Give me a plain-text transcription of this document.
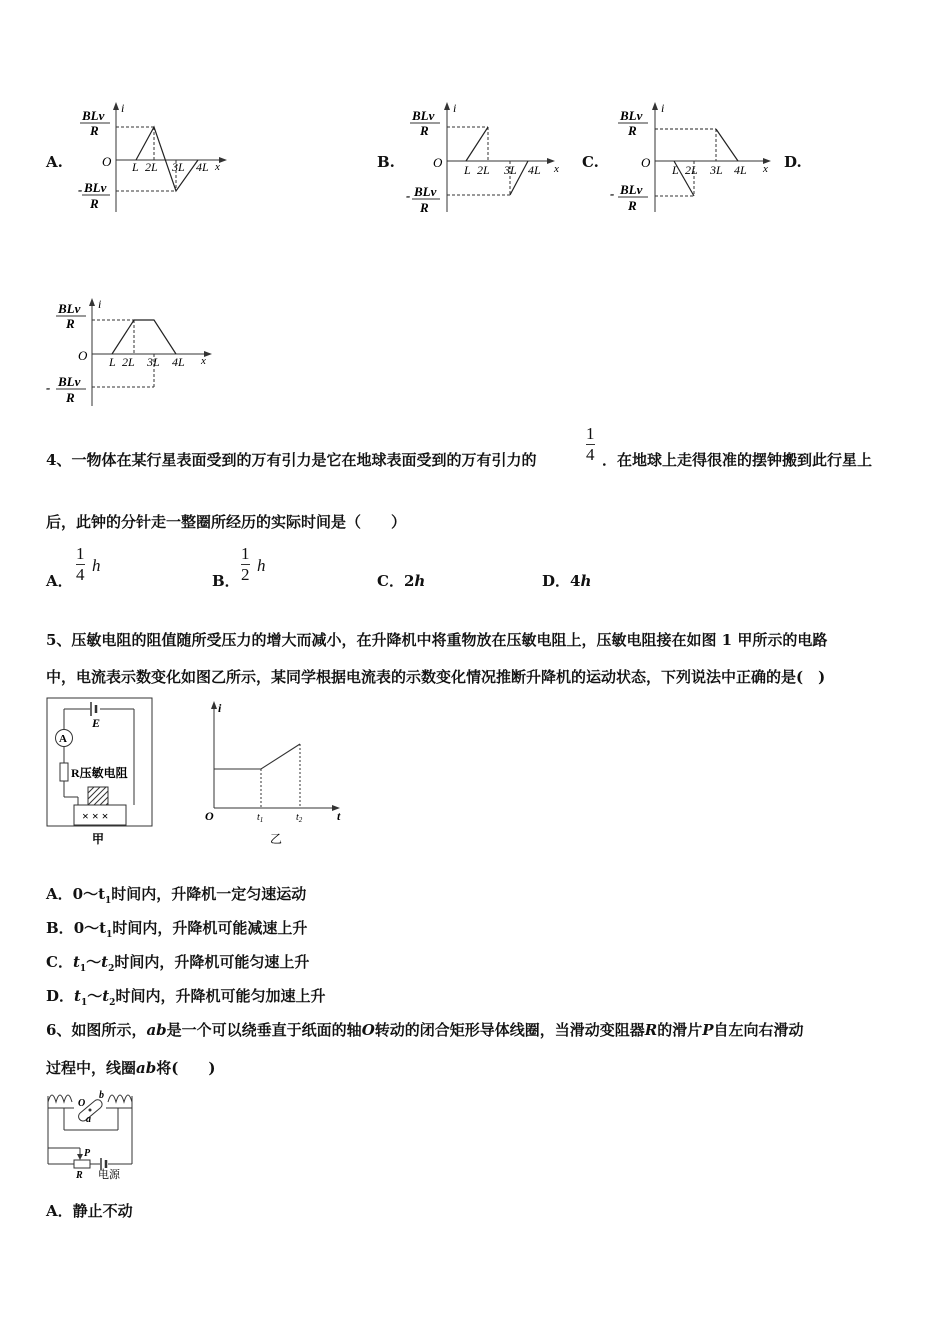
A.	B.	C.	D.
BLv
R
- BLv
R
i
x
O L 2L 3L 4L
BLv
R
- BLv
R
i
x
O L 2L 3L 4L
BLv
R
- BLv
R
i
x
O L 2L 3L 4L
BLv
R
- BLv
R
i
x
O L 2L 3L 4L
4、一物体在某行星表面受到的万有引力是它在地球表面受到的万有引力的
1
4 ．在地球上走得很准的摆钟搬到此行星上
后，此钟的分针走一整圈所经历的实际时间是（　　）
A．
1
4 h
B．
1
2 h
C．2h	D．4h
5、压敏电阻的阻值随所受压力的增大而减小，在升降机中将重物放在压敏电阻上，压敏电阻接在如图 1 甲所示的电路
中，电流表示数变化如图乙所示，某同学根据电流表的示数变化情况推断升降机的运动状态，下列说法中正确的是(　)
E
A
R压敏电阻
× × ×
甲
i
t
O	$t_1$	$t_2$
乙
A．$0\sim t_1$时间内，升降机一定匀速运动
B．$0\sim t_1$时间内，升降机可能减速上升
C．$t_1\sim t_2$时间内，升降机可能匀速上升
D．$t_1\sim t_2$时间内，升降机可能匀加速上升
6、如图所示，ab是一个可以绕垂直于纸面的轴O转动的闭合矩形导体线圈，当滑动变阻器R的滑片P自左向右滑动
过程中，线圈ab将(　　)
O
b
a
P
R 电源
A．静止不动
